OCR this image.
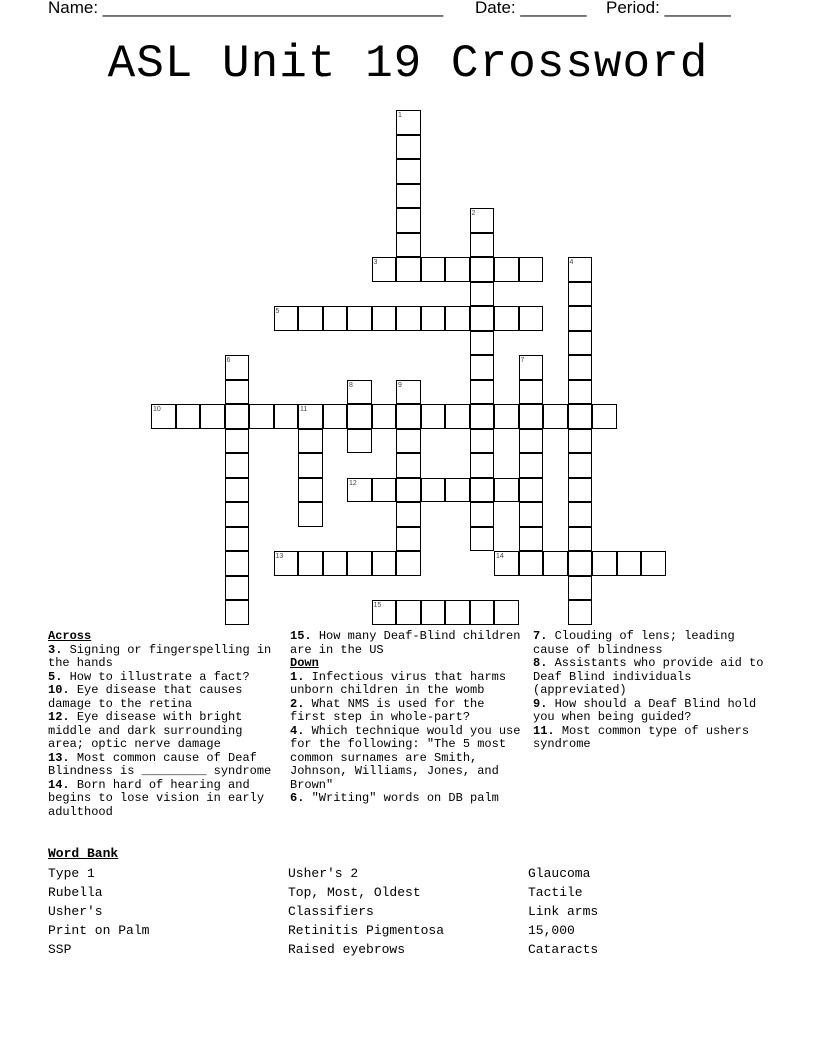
Name: ____________________________________ Date: _______ Period: _______
ASL Unit 19 Crossword
1
2
3	4
5
6	7
8	9
10	11
12
13	14
15
Across
3. Signing or fingerspelling in the hands
5. How to illustrate a fact?
10. Eye disease that causes damage to the retina
12. Eye disease with bright middle and dark surrounding area; optic nerve damage
13. Most common cause of Deaf Blindness is _________ syndrome
14. Born hard of hearing and begins to lose vision in early adulthood
15. How many Deaf-Blind children are in the US
Down
1. Infectious virus that harms unborn children in the womb
2. What NMS is used for the first step in whole-part?
4. Which technique would you use for the following: "The 5 most common surnames are Smith, Johnson, Williams, Jones, and Brown"
6. "Writing" words on DB palm
7. Clouding of lens; leading cause of blindness
8. Assistants who provide aid to Deaf Blind individuals (appreviated)
9. How should a Deaf Blind hold you when being guided?
11. Most common type of ushers syndrome
Word Bank
Type 1
Rubella
Usher's
Print on Palm
SSP
Usher's 2
Top, Most, Oldest
Classifiers
Retinitis Pigmentosa
Raised eyebrows
Glaucoma
Tactile
Link arms
15,000
Cataracts
